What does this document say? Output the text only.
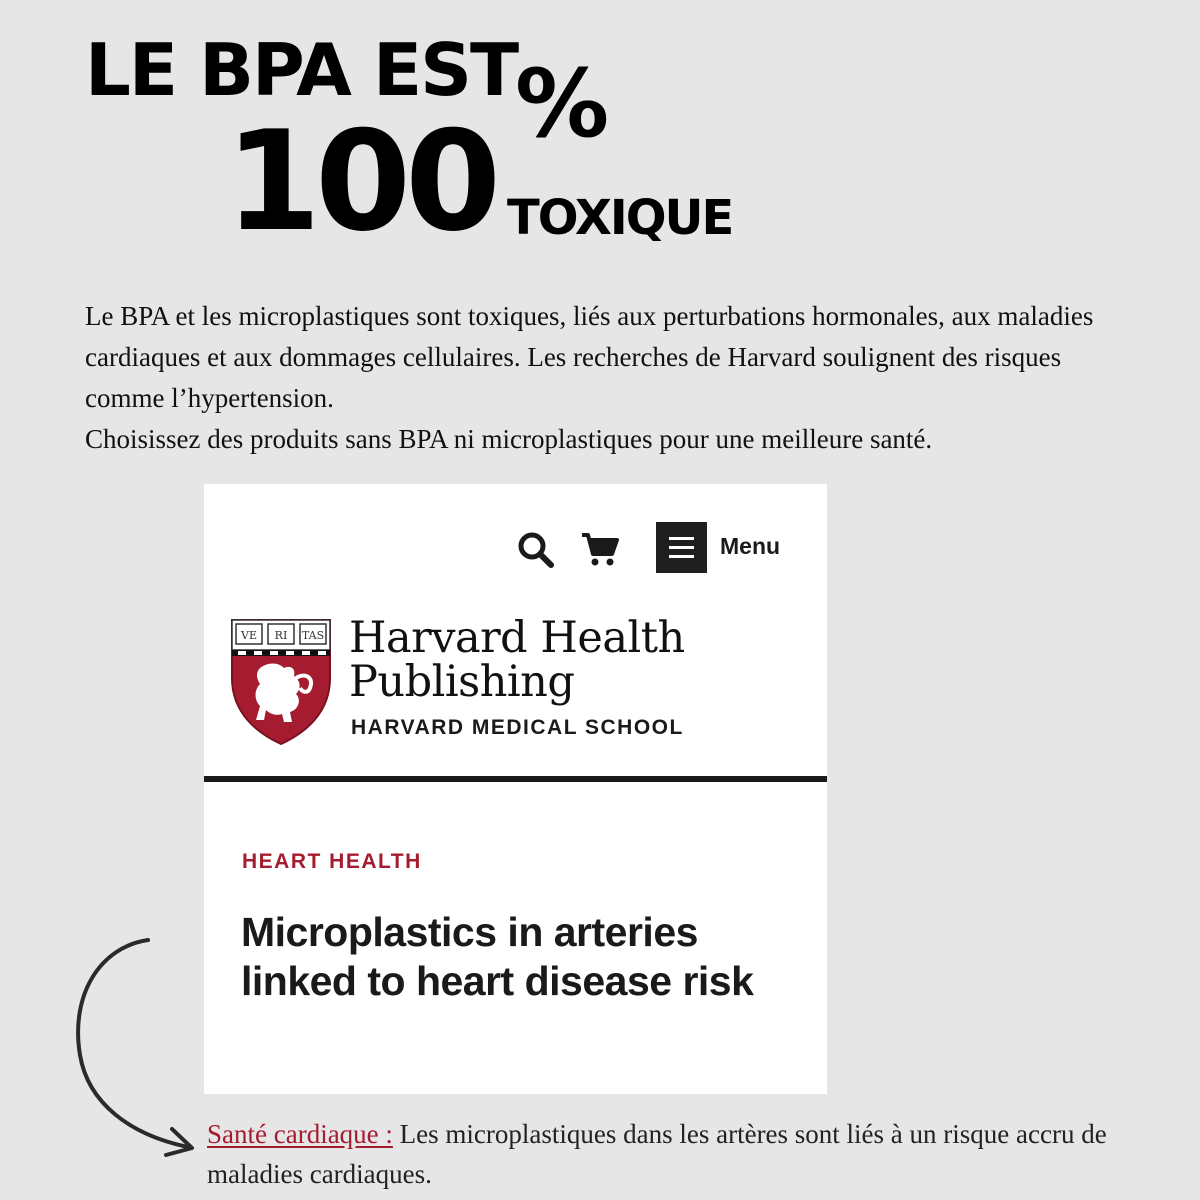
LE BPA EST
100 %
TOXIQUE

Le BPA et les microplastiques sont toxiques, liés aux perturbations hormonales, aux maladies cardiaques et aux dommages cellulaires. Les recherches de Harvard soulignent des risques comme l’hypertension.

Choisissez des produits sans BPA ni microplastiques pour une meilleure santé.

Menu
VE RI TAS Harvard Health
Publishing
HARVARD MEDICAL SCHOOL
HEART HEALTH
Microplastics in arteries linked to heart disease risk
Santé cardiaque : Les microplastiques dans les artères sont liés à un risque accru de maladies cardiaques.
